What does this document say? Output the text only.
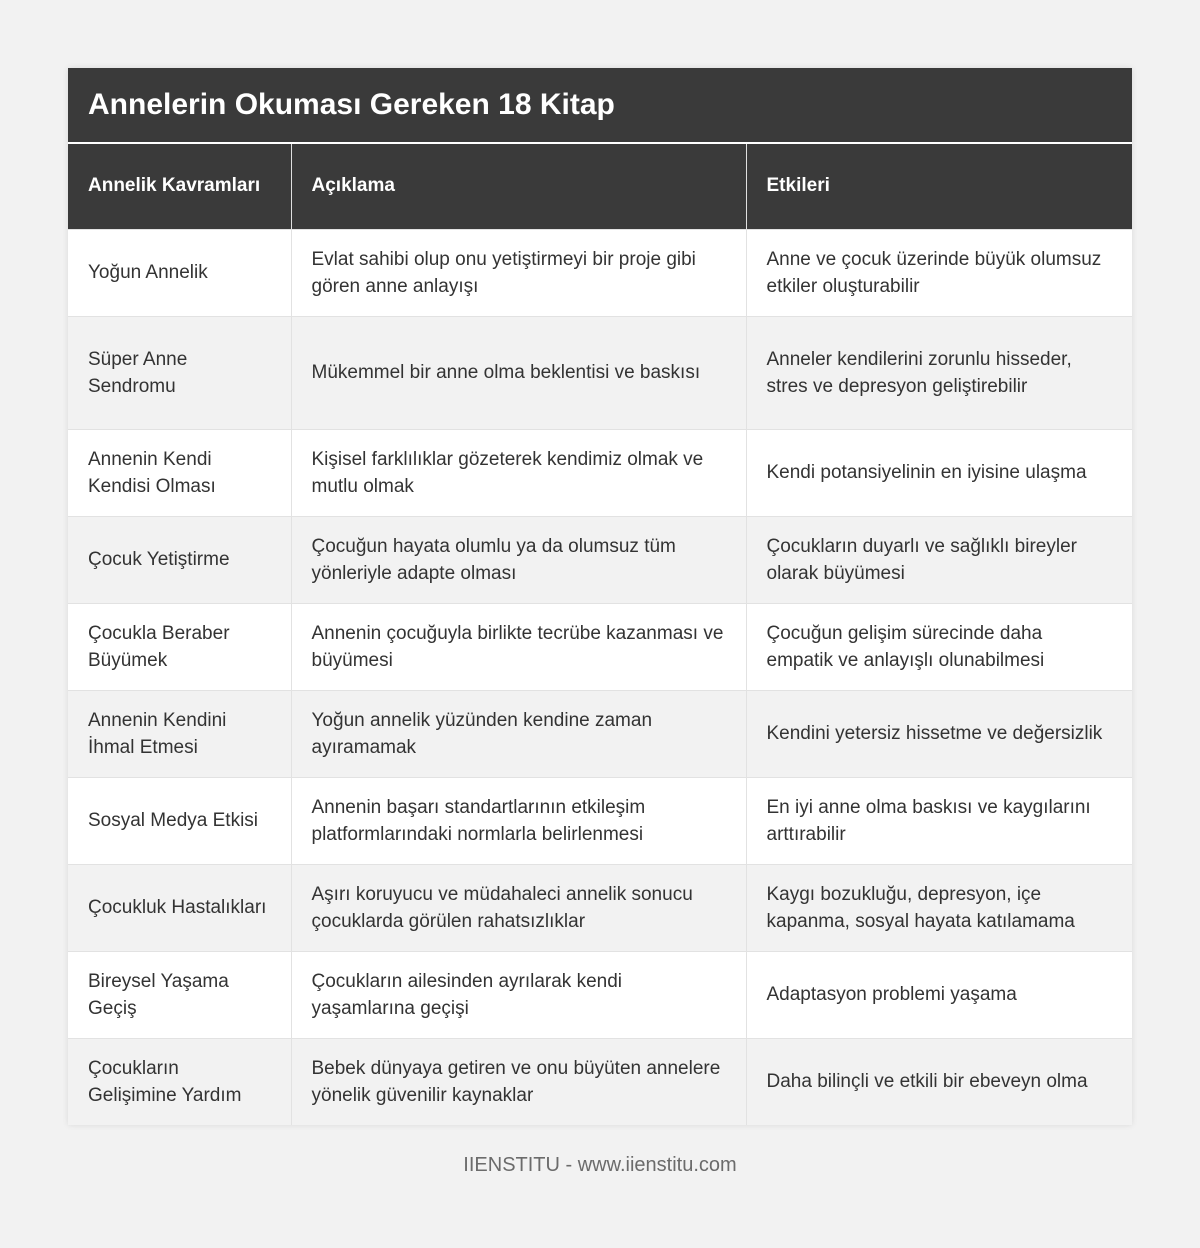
Annelerin Okuması Gereken 18 Kitap
Annelik Kavramları	Açıklama	Etkileri
Yoğun Annelik	Evlat sahibi olup onu yetiştirmeyi bir proje gibi gören anne anlayışı	Anne ve çocuk üzerinde büyük olumsuz etkiler oluşturabilir
Süper Anne Sendromu	Mükemmel bir anne olma beklentisi ve baskısı	Anneler kendilerini zorunlu hisseder, stres ve depresyon geliştirebilir
Annenin Kendi Kendisi Olması	Kişisel farklılıklar gözeterek kendimiz olmak ve mutlu olmak	Kendi potansiyelinin en iyisine ulaşma
Çocuk Yetiştirme	Çocuğun hayata olumlu ya da olumsuz tüm yönleriyle adapte olması	Çocukların duyarlı ve sağlıklı bireyler olarak büyümesi
Çocukla Beraber Büyümek	Annenin çocuğuyla birlikte tecrübe kazanması ve büyümesi	Çocuğun gelişim sürecinde daha empatik ve anlayışlı olunabilmesi
Annenin Kendini İhmal Etmesi	Yoğun annelik yüzünden kendine zaman ayıramamak	Kendini yetersiz hissetme ve değersizlik
Sosyal Medya Etkisi	Annenin başarı standartlarının etkileşim platformlarındaki normlarla belirlenmesi	En iyi anne olma baskısı ve kaygılarını arttırabilir
Çocukluk Hastalıkları	Aşırı koruyucu ve müdahaleci annelik sonucu çocuklarda görülen rahatsızlıklar	Kaygı bozukluğu, depresyon, içe kapanma, sosyal hayata katılamama
Bireysel Yaşama Geçiş	Çocukların ailesinden ayrılarak kendi yaşamlarına geçişi	Adaptasyon problemi yaşama
Çocukların Gelişimine Yardım	Bebek dünyaya getiren ve onu büyüten annelere yönelik güvenilir kaynaklar	Daha bilinçli ve etkili bir ebeveyn olma
IIENSTITU - www.iienstitu.com
